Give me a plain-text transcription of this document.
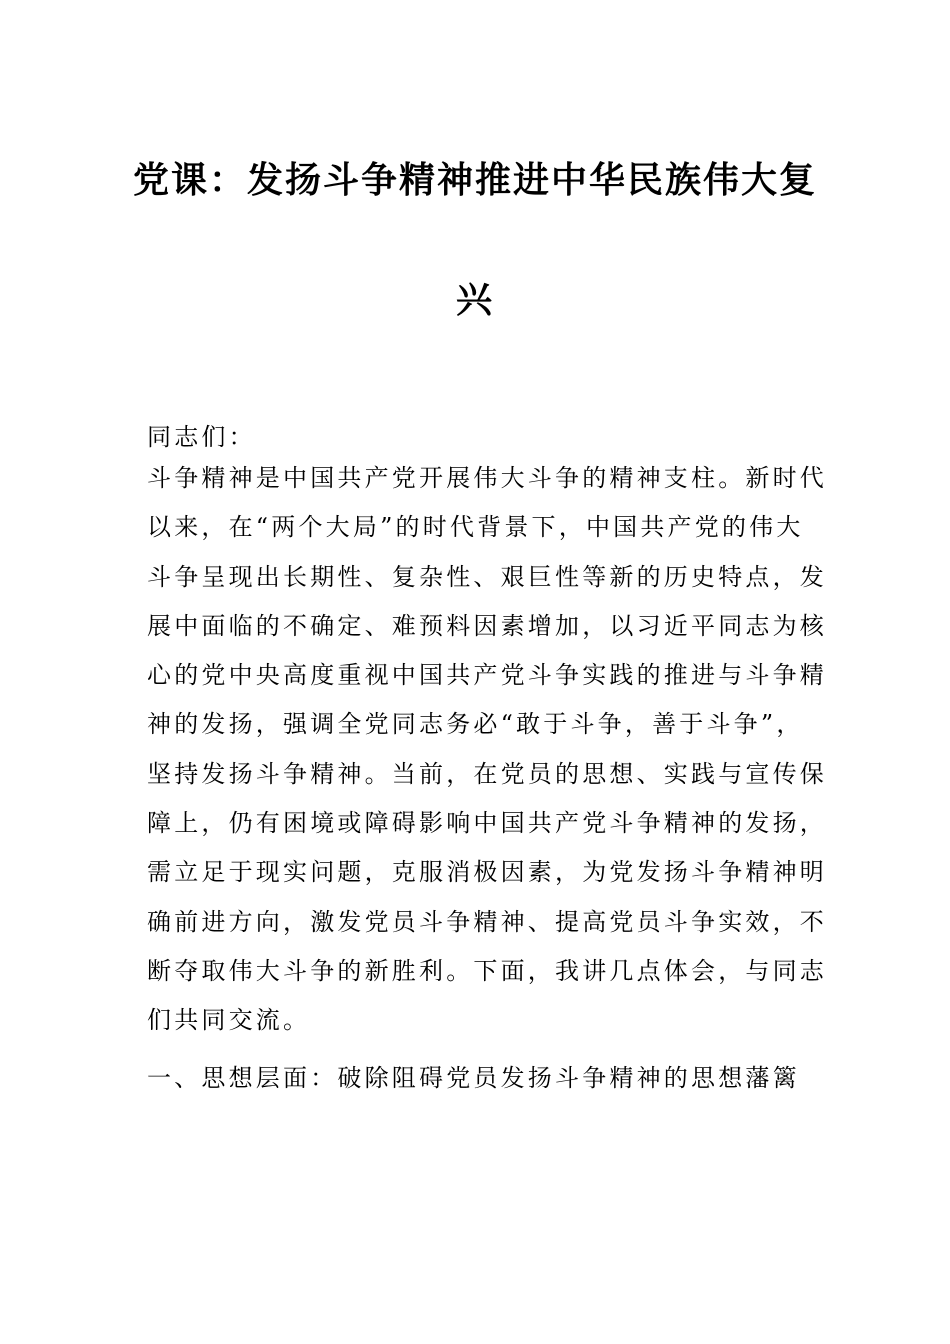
党课：发扬斗争精神推进中华民族伟大复
兴
同志们：
斗争精神是中国共产党开展伟大斗争的精神支柱。新时代
以来，在“两个大局”的时代背景下，中国共产党的伟大
斗争呈现出长期性、复杂性、艰巨性等新的历史特点，发
展中面临的不确定、难预料因素增加，以习近平同志为核
心的党中央高度重视中国共产党斗争实践的推进与斗争精
神的发扬，强调全党同志务必“敢于斗争，善于斗争”，
坚持发扬斗争精神。当前，在党员的思想、实践与宣传保
障上，仍有困境或障碍影响中国共产党斗争精神的发扬，
需立足于现实问题，克服消极因素，为党发扬斗争精神明
确前进方向，激发党员斗争精神、提高党员斗争实效，不
断夺取伟大斗争的新胜利。下面，我讲几点体会，与同志
们共同交流。
一、思想层面：破除阻碍党员发扬斗争精神的思想藩篱
